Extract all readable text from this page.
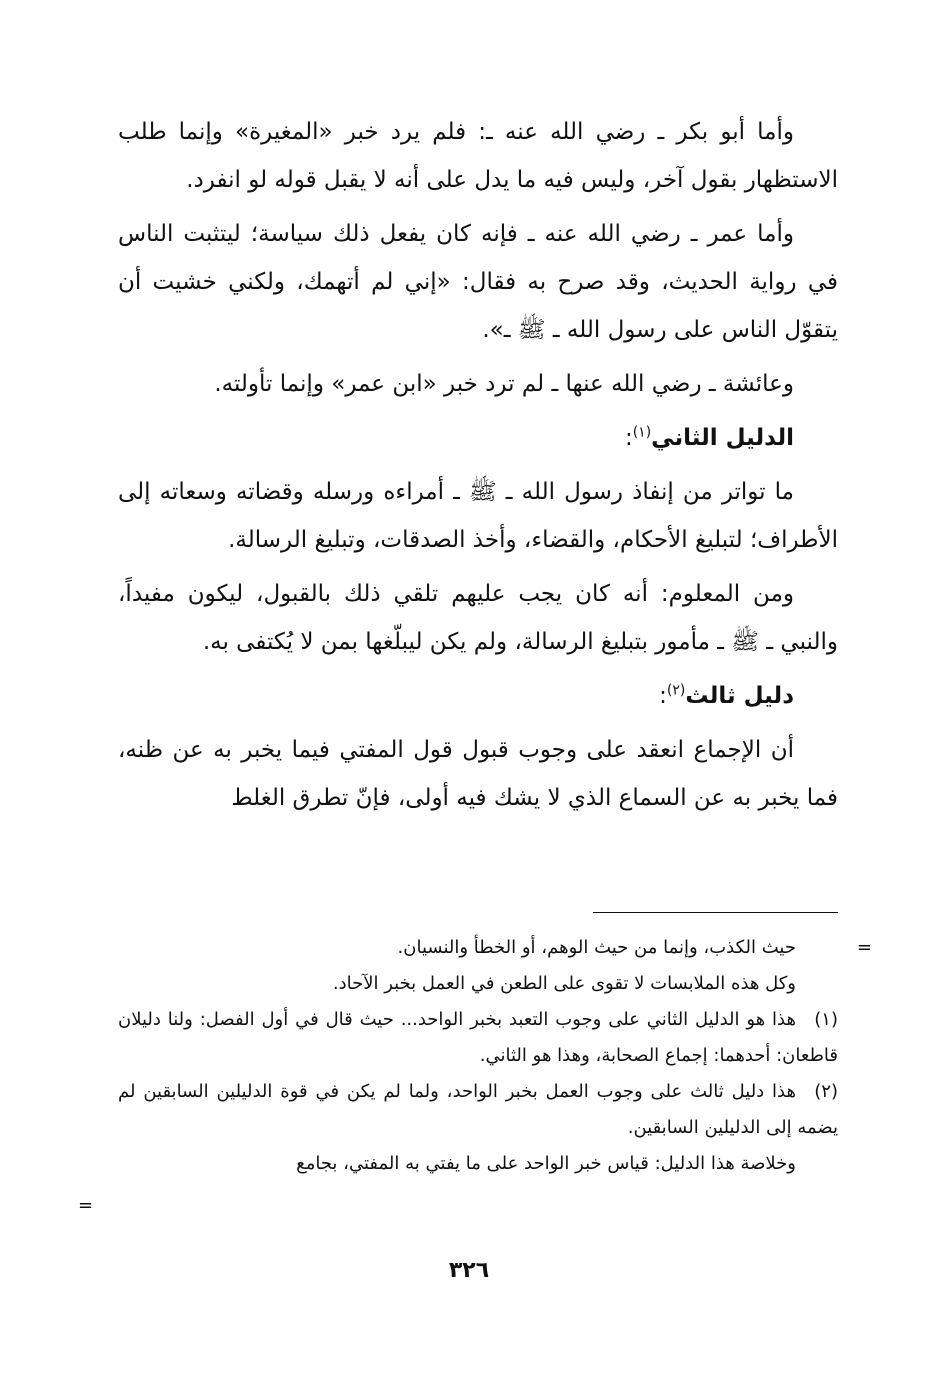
وأما أبو بكر ـ رضي الله عنه ـ: فلم يرد خبر «المغيرة» وإنما طلب الاستظهار بقول آخر، وليس فيه ما يدل على أنه لا يقبل قوله لو انفرد.

وأما عمر ـ رضي الله عنه ـ فإنه كان يفعل ذلك سياسة؛ ليتثبت الناس في رواية الحديث، وقد صرح به فقال: «إني لم أتهمك، ولكني خشيت أن يتقوّل الناس على رسول الله ـ ﷺ ـ».

وعائشة ـ رضي الله عنها ـ لم ترد خبر «ابن عمر» وإنما تأولته.

الدليل الثاني$^{(١)}$:

ما تواتر من إنفاذ رسول الله ـ ﷺ ـ أمراءه ورسله وقضاته وسعاته إلى الأطراف؛ لتبليغ الأحكام، والقضاء، وأخذ الصدقات، وتبليغ الرسالة.

ومن المعلوم: أنه كان يجب عليهم تلقي ذلك بالقبول، ليكون مفيداً، والنبي ـ ﷺ ـ مأمور بتبليغ الرسالة، ولم يكن ليبلّغها بمن لا يُكتفى به.

دليل ثالث$^{(٢)}$:

أن الإجماع انعقد على وجوب قبول قول المفتي فيما يخبر به عن ظنه، فما يخبر به عن السماع الذي لا يشك فيه أولى، فإنّ تطرق الغلط

=

حيث الكذب، وإنما من حيث الوهم، أو الخطأ والنسيان.

وكل هذه الملابسات لا تقوى على الطعن في العمل بخبر الآحاد.

(١)هذا هو الدليل الثاني على وجوب التعبد بخبر الواحد... حيث قال في أول الفصل: ولنا دليلان قاطعان: أحدهما: إجماع الصحابة، وهذا هو الثاني.

(٢)هذا دليل ثالث على وجوب العمل بخبر الواحد، ولما لم يكن في قوة الدليلين السابقين لم يضمه إلى الدليلين السابقين.

وخلاصة هذا الدليل: قياس خبر الواحد على ما يفتي به المفتي، بجامع

=
٣٢٦
